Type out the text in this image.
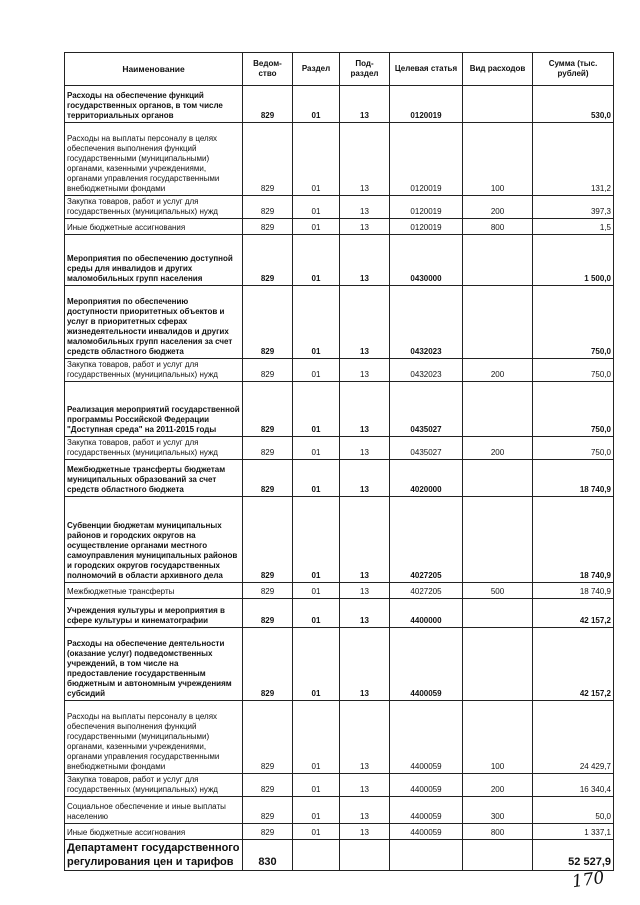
Наименование	Ведом- ство	Раздел	Под- раздел	Целевая статья	Вид расходов	Сумма (тыс. рублей)
Расходы на обеспечение функций государственных органов, в том числе территориальных органов	829	01	13	0120019		530,0
Расходы на выплаты персоналу в целях обеспечения выполнения функций государственными (муниципальными) органами, казенными учреждениями, органами управления государственными внебюджетными фондами	829	01	13	0120019	100	131,2
Закупка товаров, работ и услуг для государственных (муниципальных) нужд	829	01	13	0120019	200	397,3
Иные бюджетные ассигнования	829	01	13	0120019	800	1,5
Мероприятия по обеспечению доступной среды для инвалидов и других маломобильных групп населения	829	01	13	0430000		1 500,0
Мероприятия по обеспечению доступности приоритетных объектов и услуг в приоритетных сферах жизнедеятельности инвалидов и других маломобильных групп населения за счет средств областного бюджета	829	01	13	0432023		750,0
Закупка товаров, работ и услуг для государственных (муниципальных) нужд	829	01	13	0432023	200	750,0
Реализация мероприятий государственной программы Российской Федерации "Доступная среда" на 2011-2015 годы	829	01	13	0435027		750,0
Закупка товаров, работ и услуг для государственных (муниципальных) нужд	829	01	13	0435027	200	750,0
Межбюджетные трансферты бюджетам муниципальных образований за счет средств областного бюджета	829	01	13	4020000		18 740,9
Субвенции бюджетам муниципальных районов и городских округов на осуществление органами местного самоуправления муниципальных районов и городских округов государственных полномочий в области архивного дела	829	01	13	4027205		18 740,9
Межбюджетные трансферты	829	01	13	4027205	500	18 740,9
Учреждения культуры и мероприятия в сфере культуры и кинематографии	829	01	13	4400000		42 157,2
Расходы на обеспечение деятельности (оказание услуг) подведомственных учреждений, в том числе на предоставление государственным бюджетным и автономным учреждениям субсидий	829	01	13	4400059		42 157,2
Расходы на выплаты персоналу в целях обеспечения выполнения функций государственными (муниципальными) органами, казенными учреждениями, органами управления государственными внебюджетными фондами	829	01	13	4400059	100	24 429,7
Закупка товаров, работ и услуг для государственных (муниципальных) нужд	829	01	13	4400059	200	16 340,4
Социальное обеспечение и иные выплаты населению	829	01	13	4400059	300	50,0
Иные бюджетные ассигнования	829	01	13	4400059	800	1 337,1
Департамент государственного регулирования цен и тарифов	830					52 527,9
170
